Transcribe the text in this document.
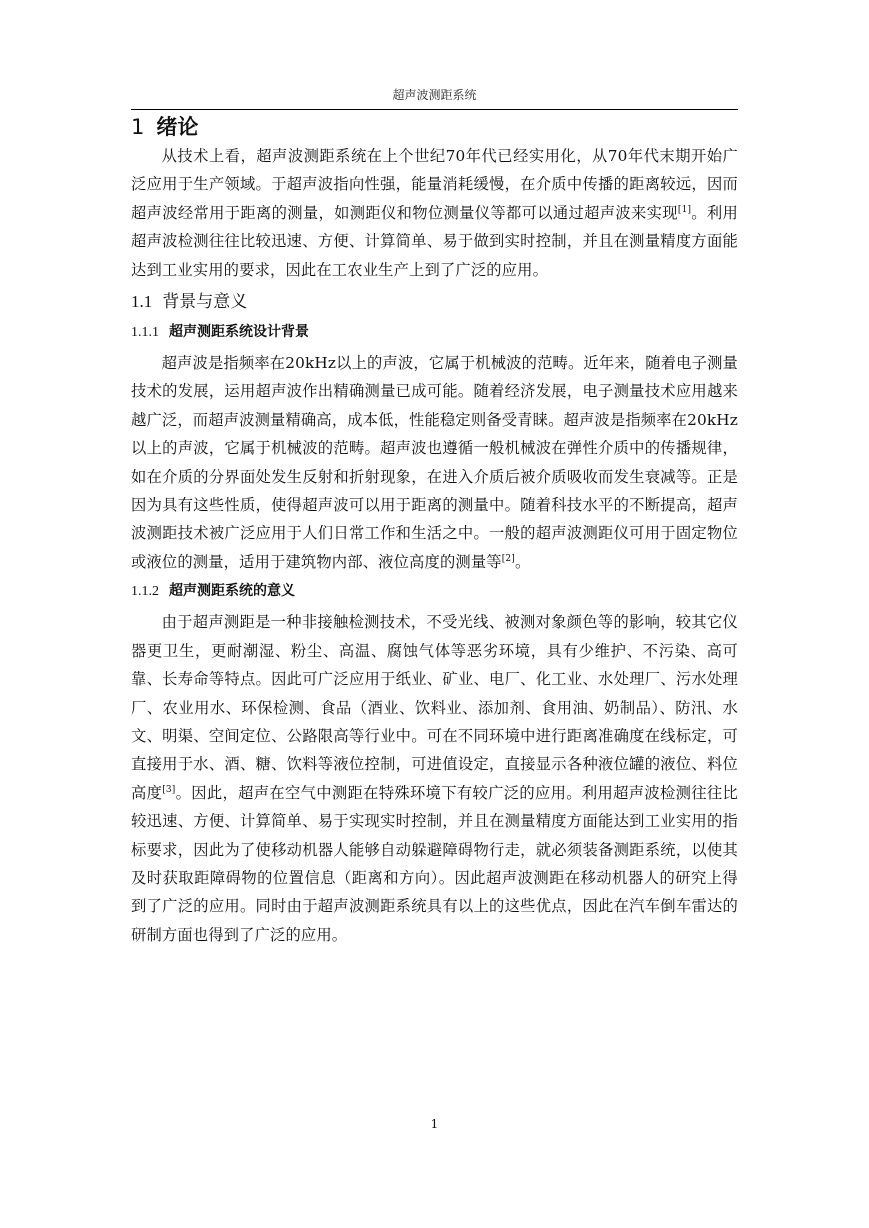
超声波测距系统
1 绪论

从技术上看，超声波测距系统在上个世纪70年代已经实用化，从70年代末期开始广泛应用于生产领域。于超声波指向性强，能量消耗缓慢，在介质中传播的距离较远，因而超声波经常用于距离的测量，如测距仪和物位测量仪等都可以通过超声波来实现[1]。利用超声波检测往往比较迅速、方便、计算简单、易于做到实时控制，并且在测量精度方面能达到工业实用的要求，因此在工农业生产上到了广泛的应用。

1.1 背景与意义
1.1.1 超声测距系统设计背景

超声波是指频率在20kHz以上的声波，它属于机械波的范畴。近年来，随着电子测量技术的发展，运用超声波作出精确测量已成可能。随着经济发展，电子测量技术应用越来越广泛，而超声波测量精确高，成本低，性能稳定则备受青睐。超声波是指频率在20kHz以上的声波，它属于机械波的范畴。超声波也遵循一般机械波在弹性介质中的传播规律，如在介质的分界面处发生反射和折射现象，在进入介质后被介质吸收而发生衰减等。正是因为具有这些性质，使得超声波可以用于距离的测量中。随着科技水平的不断提高，超声波测距技术被广泛应用于人们日常工作和生活之中。一般的超声波测距仪可用于固定物位或液位的测量，适用于建筑物内部、液位高度的测量等[2]。

1.1.2 超声测距系统的意义

由于超声测距是一种非接触检测技术，不受光线、被测对象颜色等的影响，较其它仪器更卫生，更耐潮湿、粉尘、高温、腐蚀气体等恶劣环境，具有少维护、不污染、高可靠、长寿命等特点。因此可广泛应用于纸业、矿业、电厂、化工业、水处理厂、污水处理厂、农业用水、环保检测、食品（酒业、饮料业、添加剂、食用油、奶制品）、防汛、水文、明渠、空间定位、公路限高等行业中。可在不同环境中进行距离准确度在线标定，可直接用于水、酒、糖、饮料等液位控制，可进值设定，直接显示各种液位罐的液位、料位高度[3]。因此，超声在空气中测距在特殊环境下有较广泛的应用。利用超声波检测往往比较迅速、方便、计算简单、易于实现实时控制，并且在测量精度方面能达到工业实用的指标要求，因此为了使移动机器人能够自动躲避障碍物行走，就必须装备测距系统，以使其及时获取距障碍物的位置信息（距离和方向）。因此超声波测距在移动机器人的研究上得到了广泛的应用。同时由于超声波测距系统具有以上的这些优点，因此在汽车倒车雷达的研制方面也得到了广泛的应用。

1
